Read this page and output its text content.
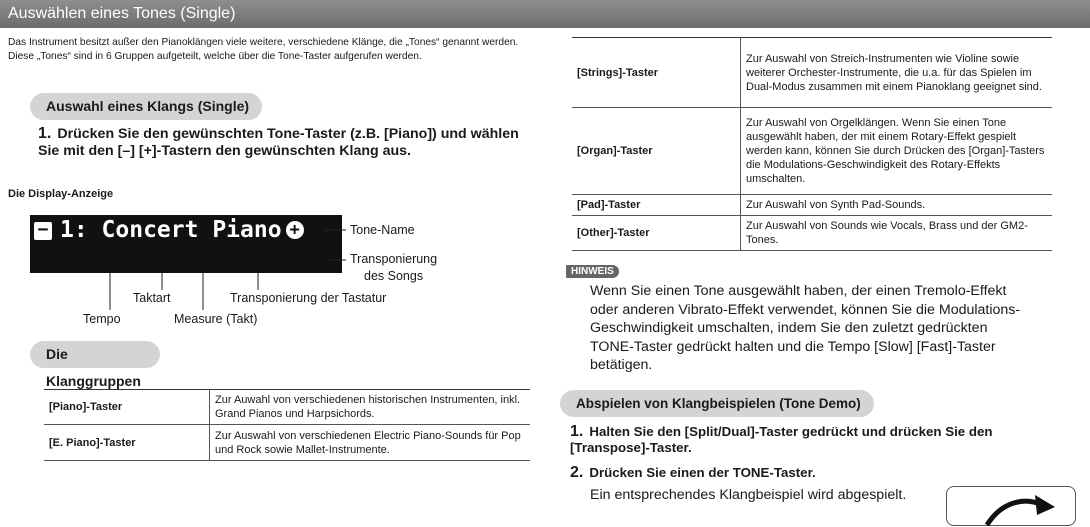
Auswählen eines Tones (Single)
Das Instrument besitzt außer den Pianoklängen viele weitere, verschiedene Klänge, die „Tones“ genannt werden. Diese „Tones“ sind in 6 Gruppen aufgeteilt, welche über die Tone-Taster aufgerufen werden.
Auswahl eines Klangs (Single)
1. Drücken Sie den gewünschten Tone-Taster (z.B. [Piano]) und wählen Sie mit den [–] [+]-Tastern den gewünschten Klang aus.
Die Display-Anzeige
− 1: Concert Piano +

♪=70  4/4 M: 3  Ш+4 ⊕-3

Tone-Name
Transponierung
des Songs
Taktart	Transponierung der Tastatur
Tempo	Measure (Takt)
Die Klanggruppen
[Piano]-Taster	Zur Auwahl von verschiedenen historischen Instrumenten, inkl. Grand Pianos und Harpsichords.
[E. Piano]-Taster	Zur Auswahl von verschiedenen Electric Piano-Sounds für Pop und Rock sowie Mallet-Instrumente.
[Strings]-Taster	Zur Auswahl von Streich-Instrumenten wie Violine sowie weiterer Orchester-Instrumente, die u.a. für das Spielen im Dual-Modus zusammen mit einem Pianoklang geeignet sind.
[Organ]-Taster	Zur Auswahl von Orgelklängen. Wenn Sie einen Tone ausgewählt haben, der mit einem Rotary-Effekt gespielt werden kann, können Sie durch Drücken des [Organ]-Tasters die Modulations-Geschwindigkeit des Rotary-Effekts umschalten.
[Pad]-Taster	Zur Auswahl von Synth Pad-Sounds.
[Other]-Taster	Zur Auswahl von Sounds wie Vocals, Brass und der GM2-Tones.
HINWEIS
Wenn Sie einen Tone ausgewählt haben, der einen Tremolo-Effekt oder anderen Vibrato-Effekt verwendet, können Sie die Modulations-Geschwindigkeit umschalten, indem Sie den zuletzt gedrückten TONE-Taster gedrückt halten und die Tempo [Slow] [Fast]-Taster betätigen.
Abspielen von Klangbeispielen (Tone Demo)
1. Halten Sie den [Split/Dual]-Taster gedrückt und drücken Sie den [Transpose]-Taster.
2. Drücken Sie einen der TONE-Taster.
Ein entsprechendes Klangbeispiel wird abgespielt.
